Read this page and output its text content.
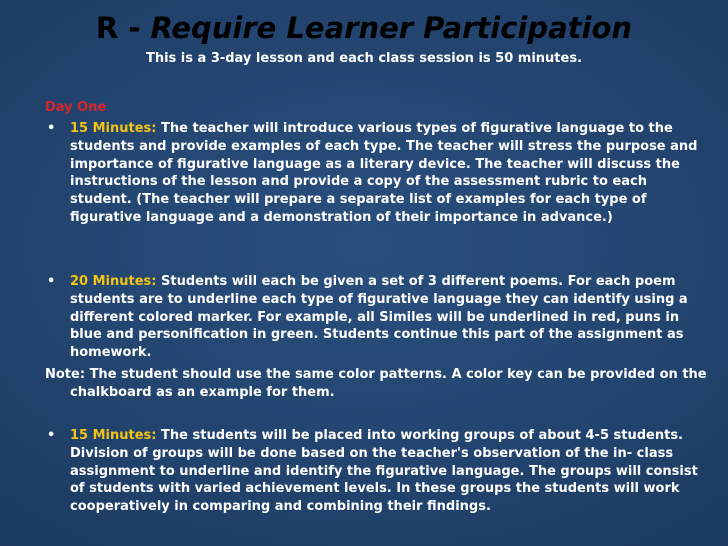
R - Require Learner Participation
This is a 3-day lesson and each class session is 50 minutes.

Day One

• 15 Minutes: The teacher will introduce various types of figurative language to the students and provide examples of each type. The teacher will stress the purpose and importance of figurative language as a literary device. The teacher will discuss the instructions of the lesson and provide a copy of the assessment rubric to each student. (The teacher will prepare a separate list of examples for each type of figurative language and a demonstration of their importance in advance.)

• 20 Minutes: Students will each be given a set of 3 different poems. For each poem students are to underline each type of figurative language they can identify using a different colored marker. For example, all Similes will be underlined in red, puns in blue and personification in green. Students continue this part of the assignment as homework.

Note: The student should use the same color patterns. A color key can be provided on the chalkboard as an example for them.

• 15 Minutes: The students will be placed into working groups of about 4-5 students. Division of groups will be done based on the teacher's observation of the in- class assignment to underline and identify the figurative language. The groups will consist of students with varied achievement levels. In these groups the students will work cooperatively in comparing and combining their findings.
